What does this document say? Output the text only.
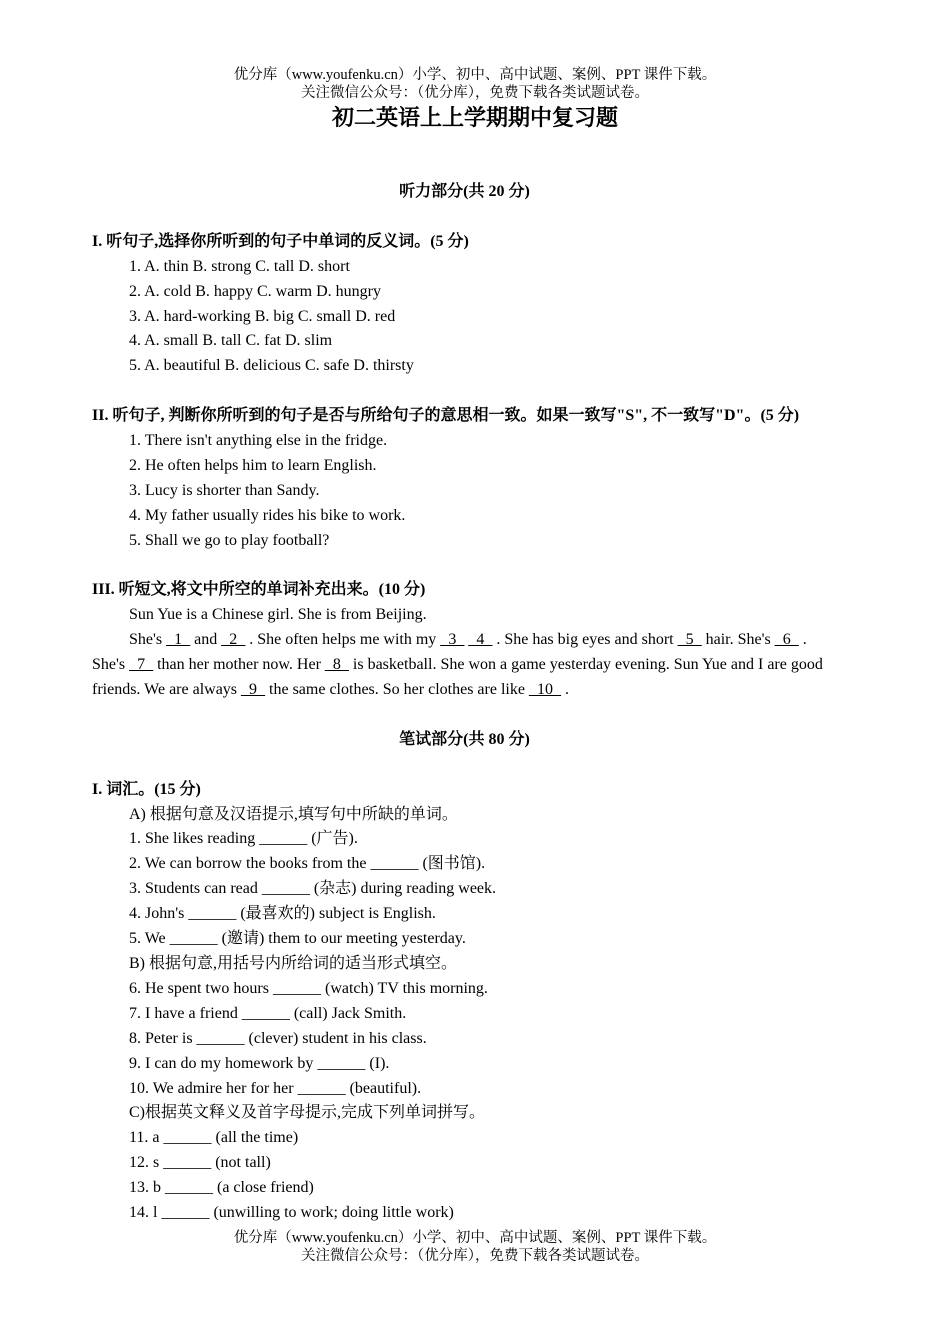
优分库（www.youfenku.cn）小学、初中、高中试题、案例、PPT 课件下载。
关注微信公众号：（优分库），免费下载各类试题试卷。
初二英语上上学期期中复习题
听力部分(共 20 分)
I. 听句子,选择你所听到的句子中单词的反义词。(5 分)
1. A. thin B. strong C. tall D. short
2. A. cold B. happy C. warm D. hungry
3. A. hard-working B. big C. small D. red
4. A. small B. tall C. fat D. slim
5. A. beautiful B. delicious C. safe D. thirsty
II. 听句子, 判断你所听到的句子是否与所给句子的意思相一致。如果一致写"S", 不一致写"D"。(5 分)
1. There isn't anything else in the fridge.
2. He often helps him to learn English.
3. Lucy is shorter than Sandy.
4. My father usually rides his bike to work.
5. Shall we go to play football?
III. 听短文,将文中所空的单词补充出来。(10 分)
Sun Yue is a Chinese girl. She is from Beijing.
She's _1_ and _2_ . She often helps me with my _3_ _4_ . She has big eyes and short _5_ hair. She's _6_ . She's _7_ than her mother now. Her _8_ is basketball. She won a game yesterday evening. Sun Yue and I are good friends. We are always _9_ the same clothes. So her clothes are like _10_ .
笔试部分(共 80 分)
I. 词汇。(15 分)
A) 根据句意及汉语提示,填写句中所缺的单词。
1. She likes reading ______ (广告).
2. We can borrow the books from the ______ (图书馆).
3. Students can read ______ (杂志) during reading week.
4. John's ______ (最喜欢的) subject is English.
5. We ______ (邀请) them to our meeting yesterday.
B) 根据句意,用括号内所给词的适当形式填空。
6. He spent two hours ______ (watch) TV this morning.
7. I have a friend ______ (call) Jack Smith.
8. Peter is ______ (clever) student in his class.
9. I can do my homework by ______ (I).
10. We admire her for her ______ (beautiful).
C)根据英文释义及首字母提示,完成下列单词拼写。
11. a ______ (all the time)
12. s ______ (not tall)
13. b ______ (a close friend)
14. l ______ (unwilling to work; doing little work)
优分库（www.youfenku.cn）小学、初中、高中试题、案例、PPT 课件下载。
关注微信公众号：（优分库），免费下载各类试题试卷。
